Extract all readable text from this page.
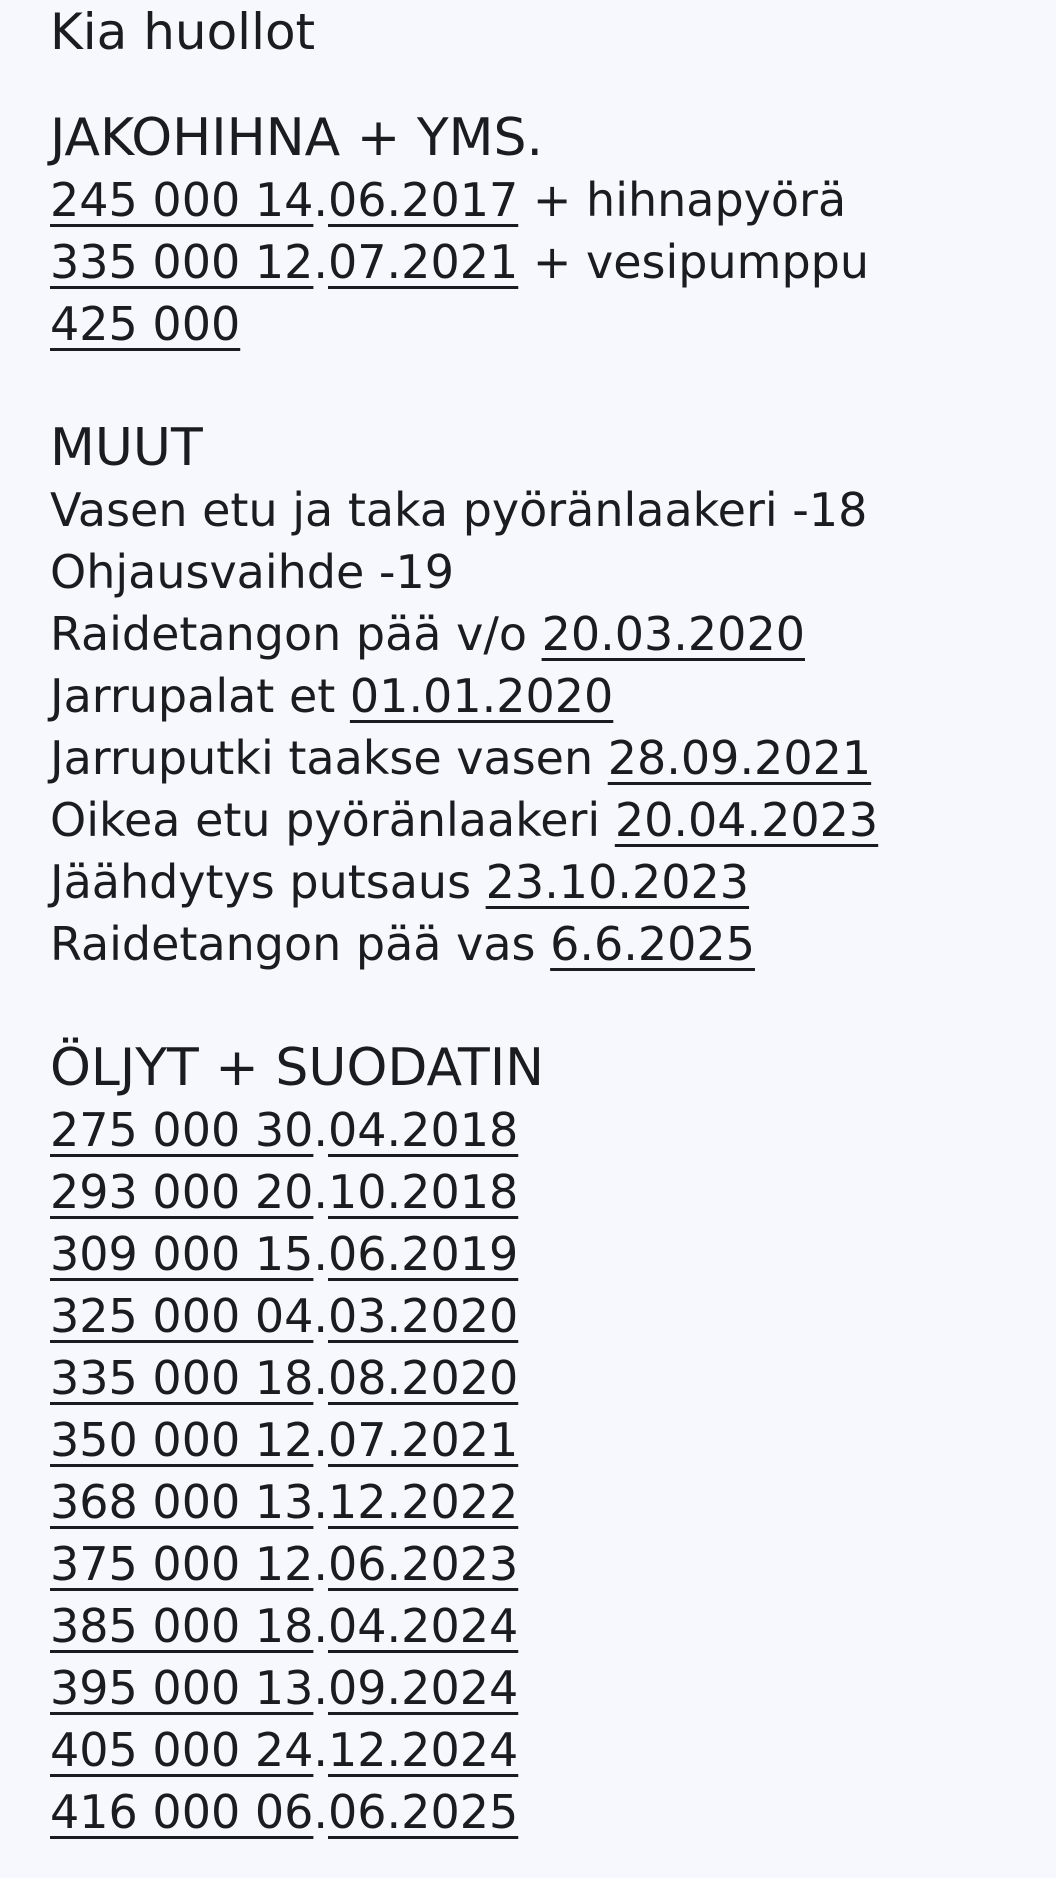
Kia huollot
JAKOHIHNA + YMS.
245 000 14.06.2017 + hihnapyörä
335 000 12.07.2021 + vesipumppu
425 000
MUUT
Vasen etu ja taka pyöränlaakeri -18
Ohjausvaihde -19
Raidetangon pää v/o 20.03.2020
Jarrupalat et 01.01.2020
Jarruputki taakse vasen 28.09.2021
Oikea etu pyöränlaakeri 20.04.2023
Jäähdytys putsaus 23.10.2023
Raidetangon pää vas 6.6.2025
ÖLJYT + SUODATIN
275 000 30.04.2018
293 000 20.10.2018
309 000 15.06.2019
325 000 04.03.2020
335 000 18.08.2020
350 000 12.07.2021
368 000 13.12.2022
375 000 12.06.2023
385 000 18.04.2024
395 000 13.09.2024
405 000 24.12.2024
416 000 06.06.2025
